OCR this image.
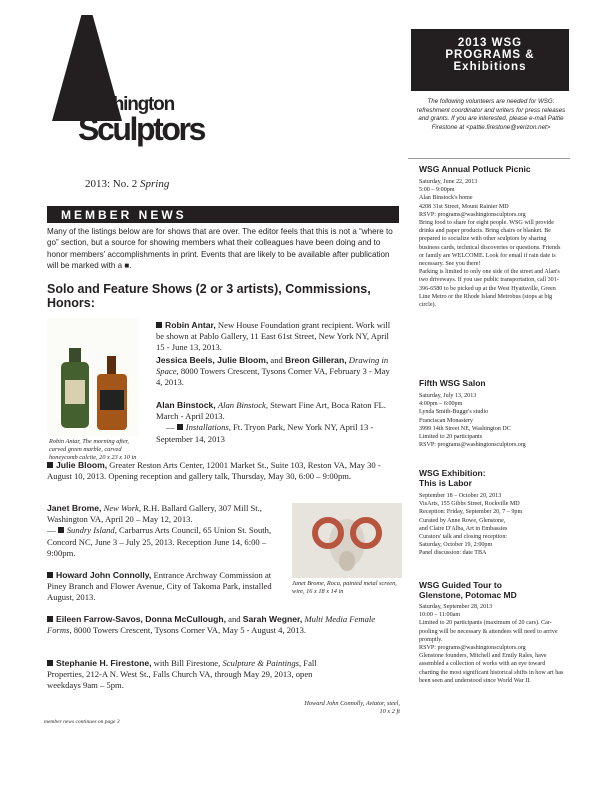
Washington
Sculptors
2013: No. 2 Spring
MEMBER NEWS
Many of the listings below are for shows that are over. The editor feels that this is not a “where to go” section, but a source for showing members what their colleagues have been doing and to honor members’ accomplishments in print. Events that are likely to be available after publication will be marked with a ■.
Solo and Feature Shows (2 or 3 artists), Commissions, Honors:
Robin Antar, The morning after, carved green marble, carved honeycomb calcite, 20 x 23 x 10 in
Robin Antar, New House Foundation grant recipient. Work will be shown at Pablo Gallery, 11 East 61st Street, New York NY, April 15 - June 13, 2013.
Jessica Beels, Julie Bloom, and Breon Gilleran, Drawing in Space, 8000 Towers Crescent, Tysons Corner VA, February 3 - May 4, 2013.
Alan Binstock, Alan Binstock, Stewart Fine Art, Boca Raton FL. March - April 2013.
— Installations, Ft. Tryon Park, New York NY, April 13 - September 14, 2013
Julie Bloom, Greater Reston Arts Center, 12001 Market St., Suite 103, Reston VA, May 30 - August 10, 2013. Opening reception and gallery talk, Thursday, May 30, 6:00 – 9:00pm.
Janet Brome, New Work, R.H. Ballard Gallery, 307 Mill St., Washington VA, April 20 – May 12, 2013.
— Sundry Island, Carbarrus Arts Council, 65 Union St. South, Concord NC, June 3 – July 25, 2013. Reception June 14, 6:00 – 9:00pm.
Janet Brome, Roca, painted metal screen, wire, 16 x 18 x 14 in
Howard John Connolly, Entrance Archway Commission at Piney Branch and Flower Avenue, City of Takoma Park, installed August, 2013.
Eileen Farrow-Savos, Donna McCullough, and Sarah Wegner, Multi Media Female Forms, 8000 Towers Crescent, Tysons Corner VA, May 5 - August 4, 2013.
Stephanie H. Firestone, with Bill Firestone, Sculpture & Paintings, Fall Properties, 212-A N. West St., Falls Church VA, through May 29, 2013, open weekdays 9am – 5pm.
Howard John Connolly, Aviator, steel, 10 x 2 ft
member news continues on page 3
2013 WSG
PROGRAMS &
Exhibitions
The following volunteers are needed for WSG: refreshment coordinator and writers for press releases and grants. If you are interested, please e-mail Pattie Firestone at <pattie.firestone@verizon.net>
WSG Annual Potluck Picnic
Saturday, June 22, 2013
5:00 – 9:00pm
Alan Binstock's home
4208 31st Street, Mount Rainier MD
RSVP: programs@washingtonsculptors.org
Bring food to share for eight people. WSG will provide drinks and paper products. Bring chairs or blanket. Be prepared to socialize with other sculptors by sharing business cards, technical discoveries or questions. Friends or family are WELCOME. Look for email if rain date is necessary. See you there!
Parking is limited to only one side of the street and Alan's two driveways. If you use public transportation, call 301-396-6580 to be picked up at the West Hyattsville, Green Line Metro or the Rhode Island Metrobus (stops at big circle).
Fifth WSG Salon
Saturday, July 13, 2013
4:00pm – 6:00pm
Lynda Smith-Bugge's studio
Franciscan Monastery
3999 14th Street NE, Washington DC
Limited to 20 participants
RSVP: programs@washingtonsculptors.org
WSG Exhibition:
This is Labor
September 18 – October 20, 2013
VisArts, 155 Gibbs Street, Rockville MD
Reception: Friday, September 20, 7 – 9pm
Curated by Anne Rowe, Glenstone,
and Claire D'Alba, Art in Embassies
Curators' talk and closing reception:
Saturday, October 19, 2:00pm
Panel discussion: date TBA
WSG Guided Tour to
Glenstone, Potomac MD
Saturday, September 28, 2013
10:00 – 11:00am
Limited to 20 participants (maximum of 20 cars). Car-pooling will be necessary & attendees will need to arrive promptly.
RSVP: programs@washingtonsculptors.org
Glenstone founders, Mitchell and Emily Rales, have assembled a collection of works with an eye toward charting the most significant historical shifts in how art has been seen and understood since World War II.
